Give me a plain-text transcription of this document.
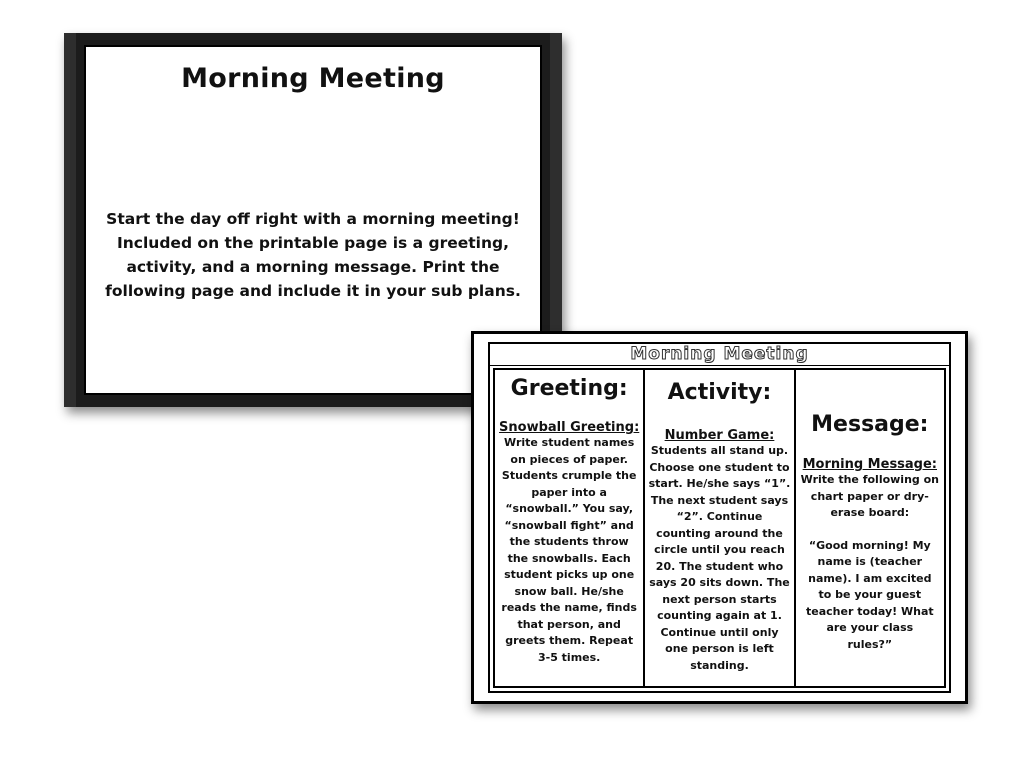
Morning Meeting
Start the day off right with a morning meeting! Included on the printable page is a greeting, activity, and a morning message. Print the following page and include it in your sub plans.
Morning Meeting
Greeting:
Snowball Greeting:
Write student names on pieces of paper. Students crumple the paper into a “snowball.” You say, “snowball fight” and the students throw the snowballs. Each student picks up one snow ball. He/she reads the name, finds that person, and greets them. Repeat 3-5 times.
Activity:
Number Game:
Students all stand up. Choose one student to start. He/she says “1”. The next student says “2”. Continue counting around the circle until you reach 20. The student who says 20 sits down. The next person starts counting again at 1. Continue until only one person is left standing.
Message:
Morning Message:
Write the following on chart paper or dry-erase board:
“Good morning! My name is (teacher name). I am excited to be your guest teacher today! What are your class rules?”
